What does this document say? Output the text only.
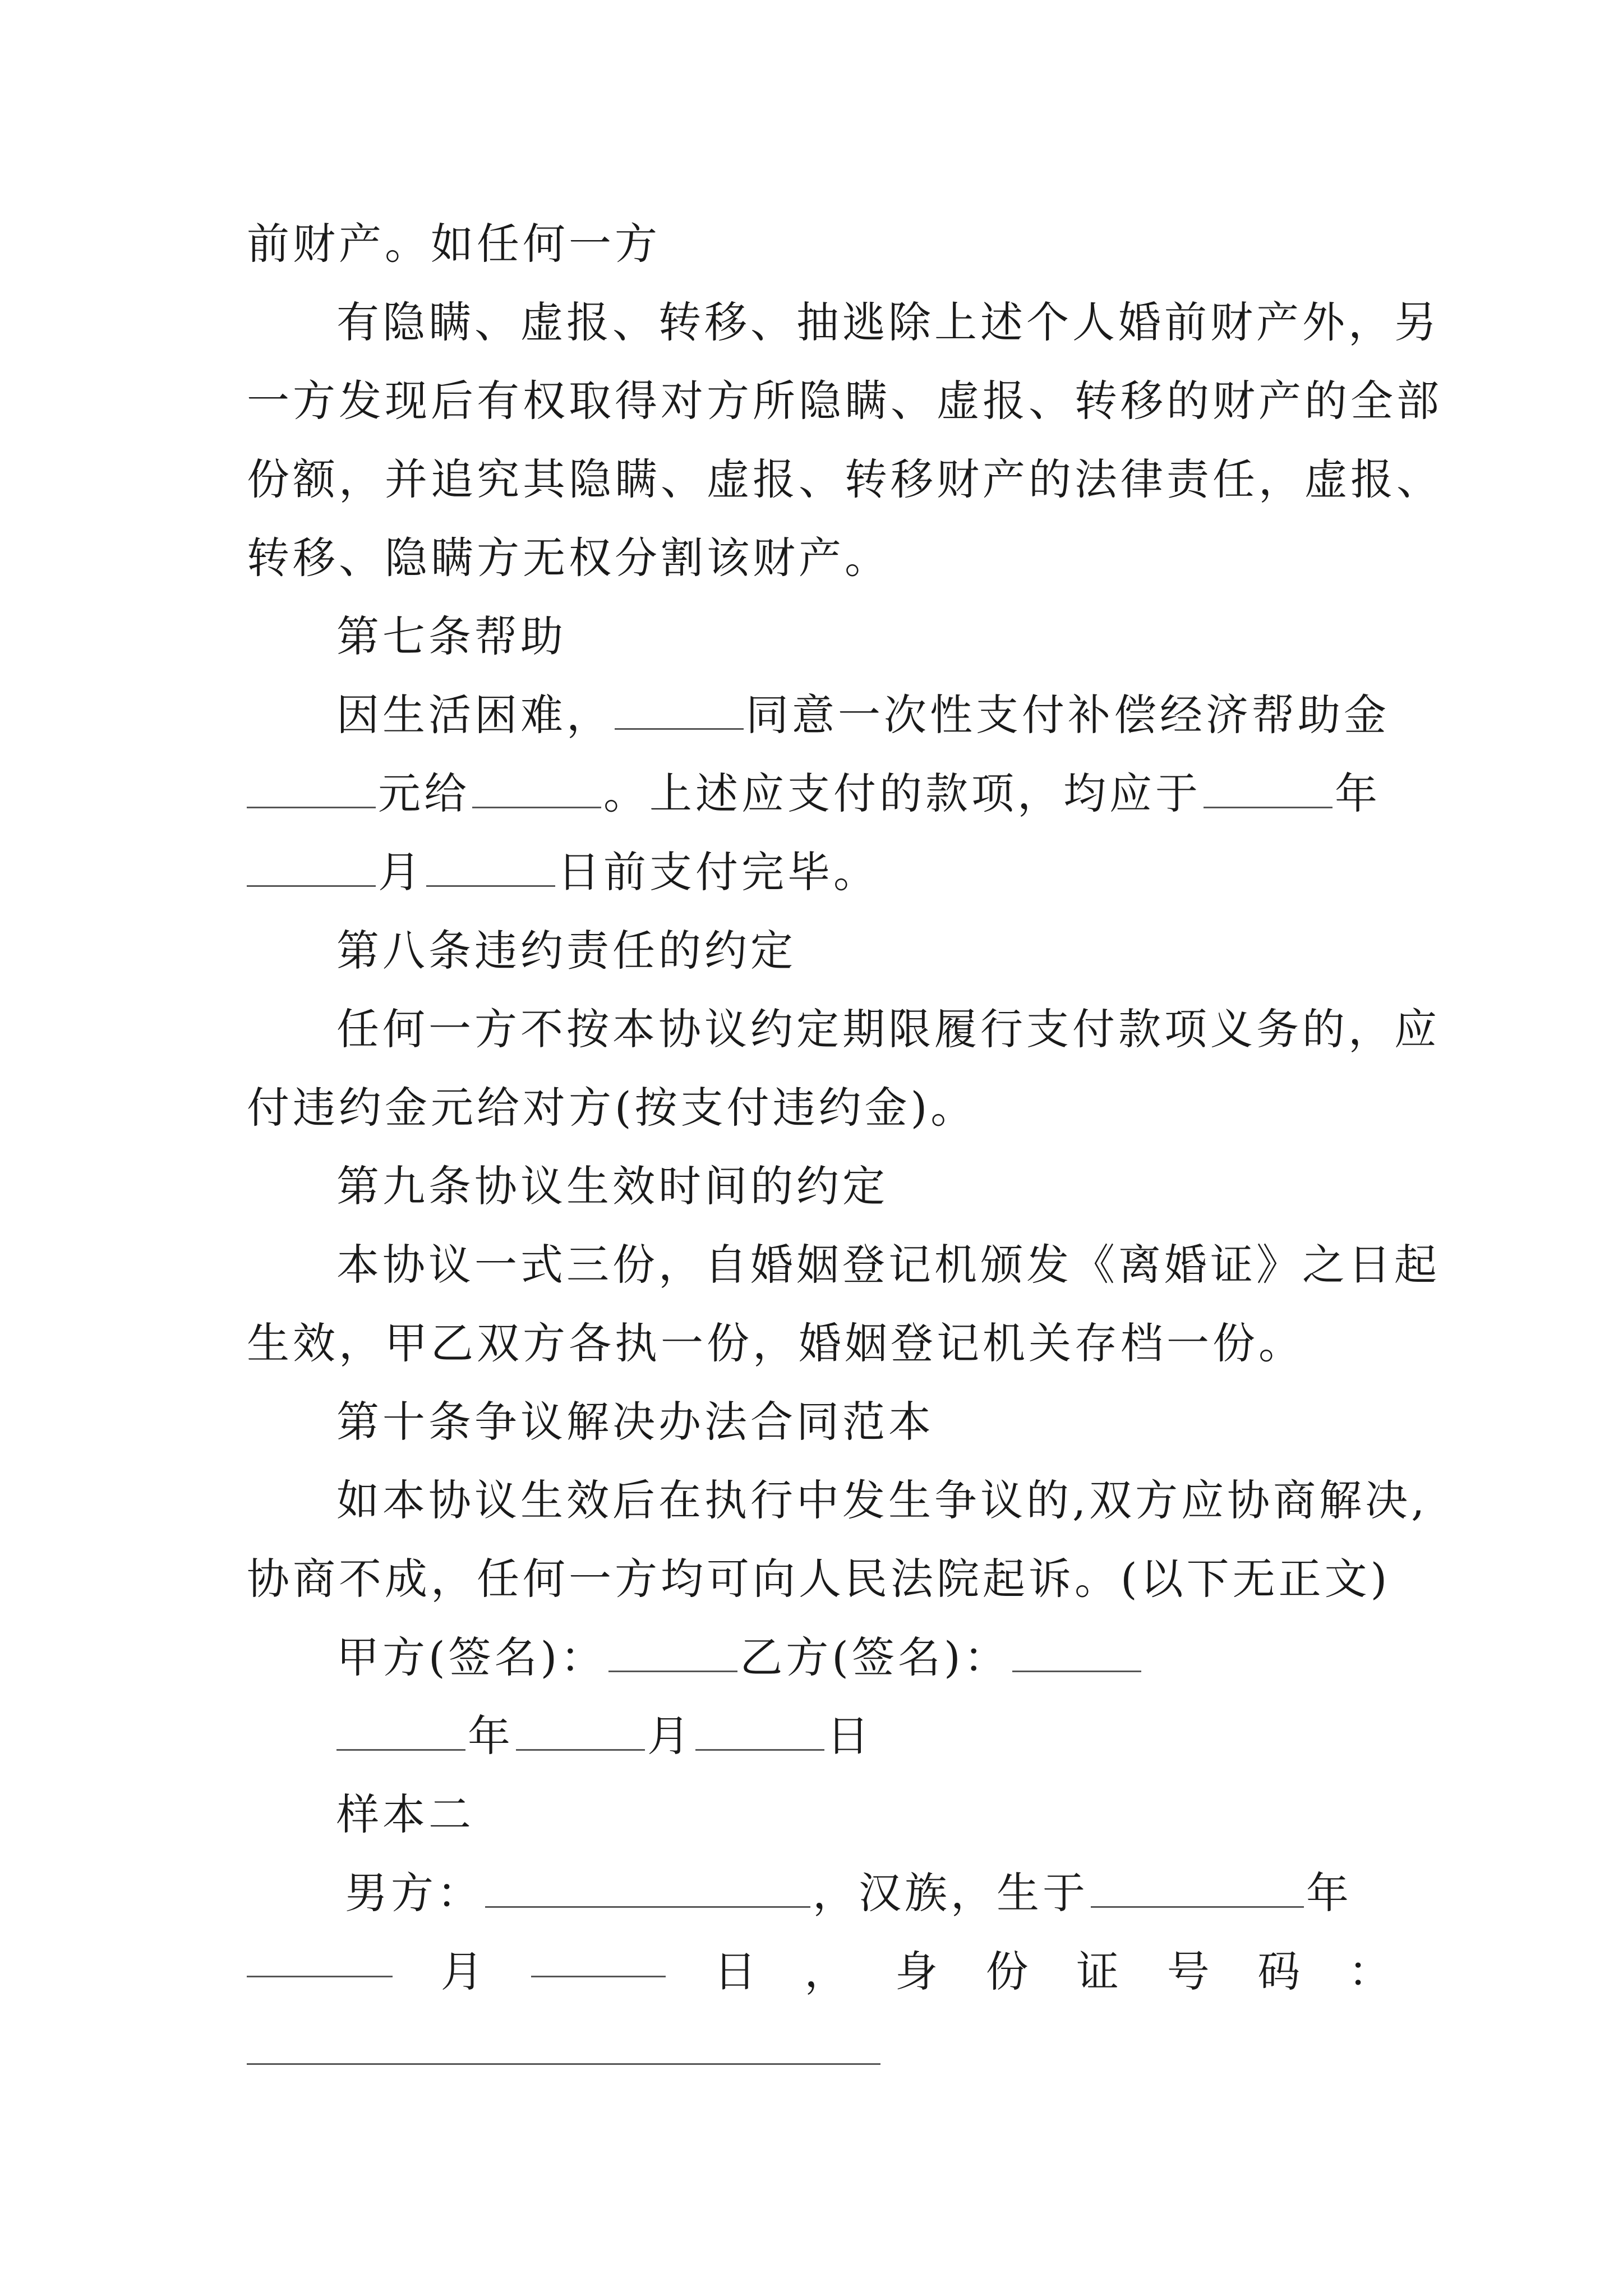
前财产。如任何一方
有隐瞒、虚报、转移、抽逃除上述个人婚前财产外，另
一方发现后有权取得对方所隐瞒、虚报、转移的财产的全部
份额，并追究其隐瞒、虚报、转移财产的法律责任，虚报、
转移、隐瞒方无权分割该财产。
第七条帮助
因生活困难，	同意一次性支付补偿经济帮助金
元给	。上述应支付的款项，均应于	年
月	日前支付完毕。
第八条违约责任的约定
任何一方不按本协议约定期限履行支付款项义务的，应
付违约金元给对方(按支付违约金)。
第九条协议生效时间的约定
本协议一式三份，自婚姻登记机颁发《离婚证》之日起
生效，甲乙双方各执一份，婚姻登记机关存档一份。
第十条争议解决办法合同范本
如本协议生效后在执行中发生争议的,双方应协商解决,
协商不成，任何一方均可向人民法院起诉。(以下无正文)
甲方(签名)：	乙方(签名)：
年	月	日
样本二
男方：	，汉族，生于	年
月	日 ， 身 份 证 号 码 ：
